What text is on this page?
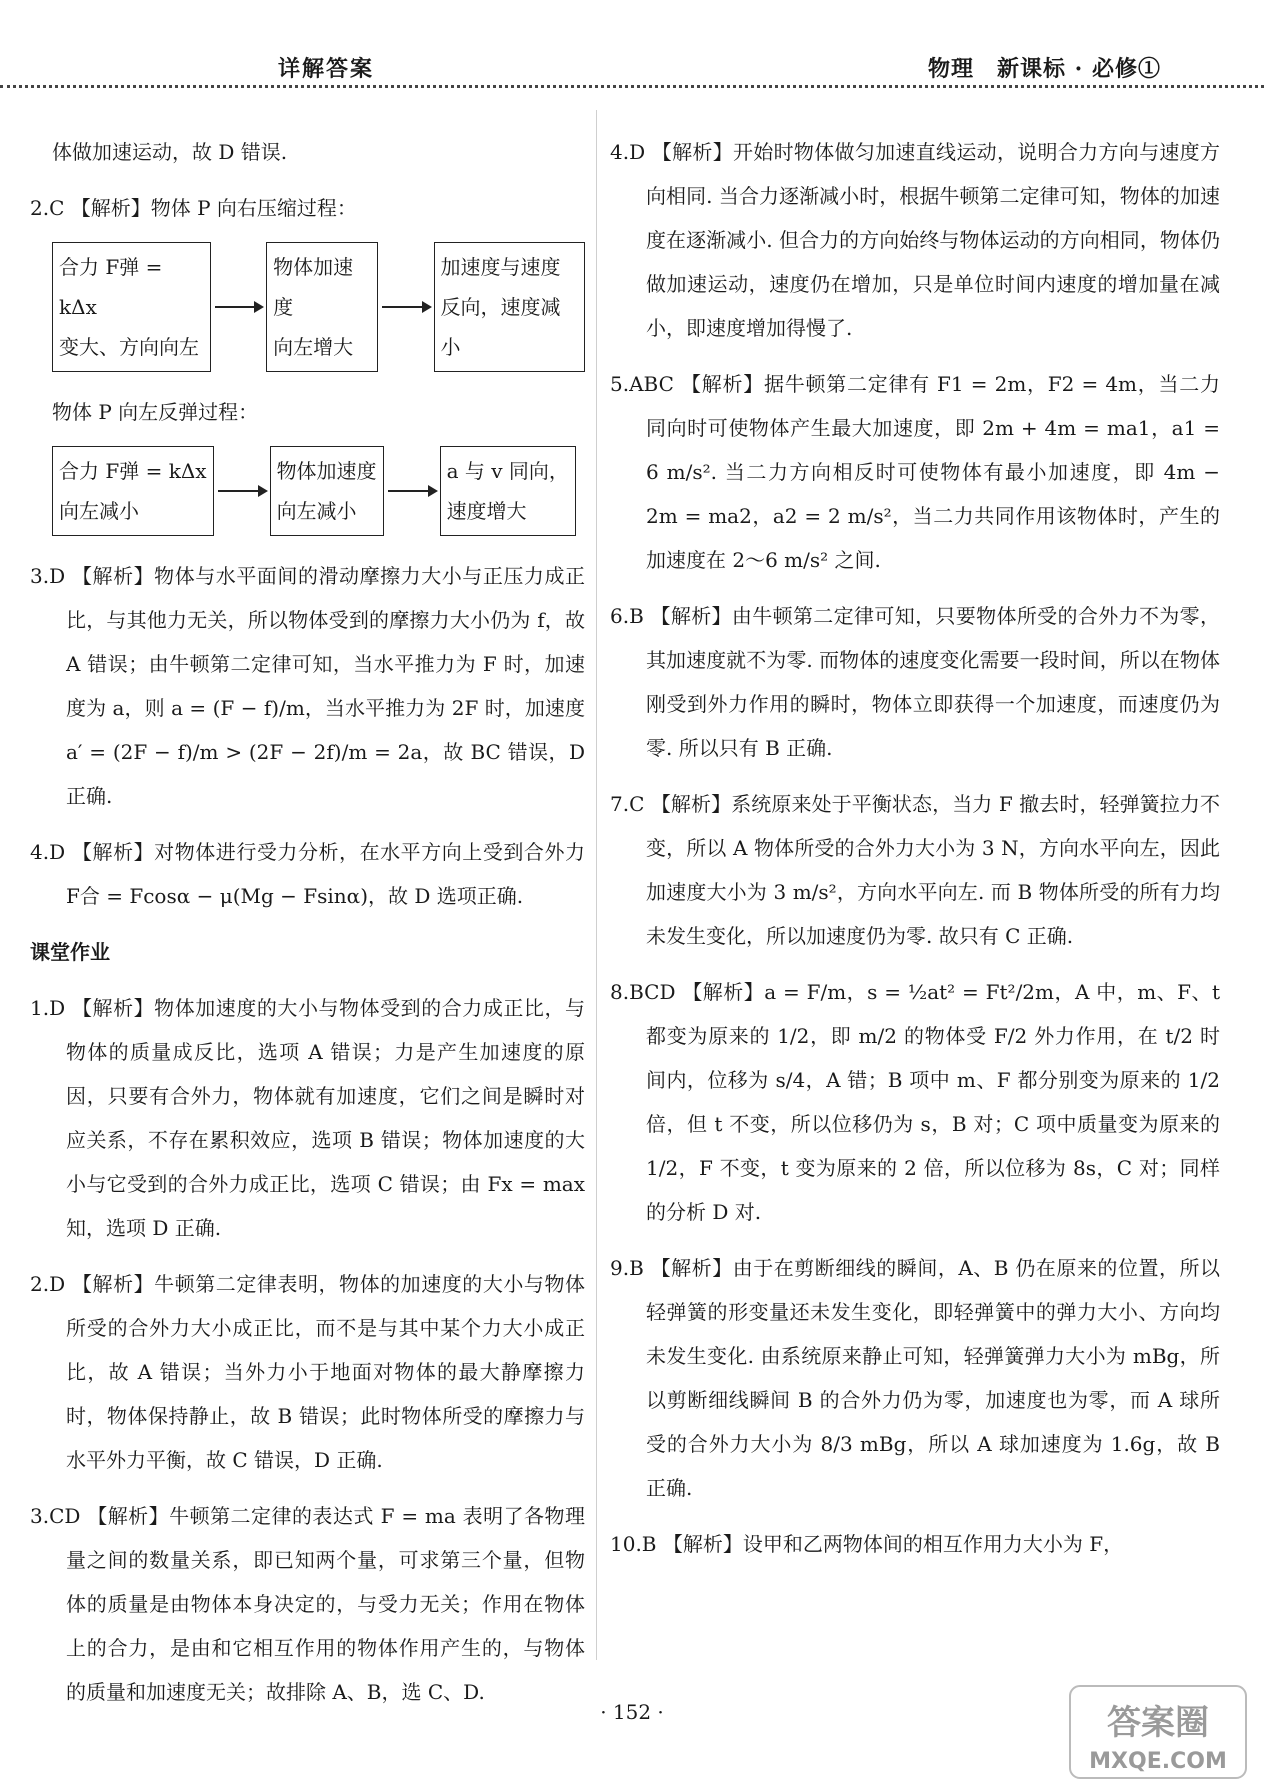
详解答案	物理　新课标 · 必修①

体做加速运动，故 D 错误.

2.C 【解析】物体 P 向右压缩过程：

合力 F弹 = kΔx
变大、方向向左
物体加速度
向左增大
加速度与速度
反向，速度减小

物体 P 向左反弹过程：

合力 F弹 = kΔx
向左减小
物体加速度
向左减小
a 与 v 同向，
速度增大

3.D 【解析】物体与水平面间的滑动摩擦力大小与正压力成正比，与其他力无关，所以物体受到的摩擦力大小仍为 f，故 A 错误；由牛顿第二定律可知，当水平推力为 F 时，加速度为 a，则 a = (F − f)/m，当水平推力为 2F 时，加速度 a′ = (2F − f)/m > (2F − 2f)/m = 2a，故 BC 错误，D 正确.

4.D 【解析】对物体进行受力分析，在水平方向上受到合外力 F合 = Fcosα − μ(Mg − Fsinα)，故 D 选项正确.

课堂作业

1.D 【解析】物体加速度的大小与物体受到的合力成正比，与物体的质量成反比，选项 A 错误；力是产生加速度的原因，只要有合外力，物体就有加速度，它们之间是瞬时对应关系，不存在累积效应，选项 B 错误；物体加速度的大小与它受到的合外力成正比，选项 C 错误；由 Fx = max 知，选项 D 正确.

2.D 【解析】牛顿第二定律表明，物体的加速度的大小与物体所受的合外力大小成正比，而不是与其中某个力大小成正比，故 A 错误；当外力小于地面对物体的最大静摩擦力时，物体保持静止，故 B 错误；此时物体所受的摩擦力与水平外力平衡，故 C 错误，D 正确.

3.CD 【解析】牛顿第二定律的表达式 F = ma 表明了各物理量之间的数量关系，即已知两个量，可求第三个量，但物体的质量是由物体本身决定的，与受力无关；作用在物体上的合力，是由和它相互作用的物体作用产生的，与物体的质量和加速度无关；故排除 A、B，选 C、D.

4.D 【解析】开始时物体做匀加速直线运动，说明合力方向与速度方向相同. 当合力逐渐减小时，根据牛顿第二定律可知，物体的加速度在逐渐减小. 但合力的方向始终与物体运动的方向相同，物体仍做加速运动，速度仍在增加，只是单位时间内速度的增加量在减小，即速度增加得慢了.

5.ABC 【解析】据牛顿第二定律有 F1 = 2m，F2 = 4m，当二力同向时可使物体产生最大加速度，即 2m + 4m = ma1，a1 = 6 m/s². 当二力方向相反时可使物体有最小加速度，即 4m − 2m = ma2，a2 = 2 m/s²，当二力共同作用该物体时，产生的加速度在 2～6 m/s² 之间.

6.B 【解析】由牛顿第二定律可知，只要物体所受的合外力不为零，其加速度就不为零. 而物体的速度变化需要一段时间，所以在物体刚受到外力作用的瞬时，物体立即获得一个加速度，而速度仍为零. 所以只有 B 正确.

7.C 【解析】系统原来处于平衡状态，当力 F 撤去时，轻弹簧拉力不变，所以 A 物体所受的合外力大小为 3 N，方向水平向左，因此加速度大小为 3 m/s²，方向水平向左. 而 B 物体所受的所有力均未发生变化，所以加速度仍为零. 故只有 C 正确.

8.BCD 【解析】a = F/m，s = ½at² = Ft²/2m，A 中，m、F、t 都变为原来的 1/2，即 m/2 的物体受 F/2 外力作用，在 t/2 时间内，位移为 s/4，A 错；B 项中 m、F 都分别变为原来的 1/2 倍，但 t 不变，所以位移仍为 s，B 对；C 项中质量变为原来的 1/2，F 不变，t 变为原来的 2 倍，所以位移为 8s，C 对；同样的分析 D 对.

9.B 【解析】由于在剪断细线的瞬间，A、B 仍在原来的位置，所以轻弹簧的形变量还未发生变化，即轻弹簧中的弹力大小、方向均未发生变化. 由系统原来静止可知，轻弹簧弹力大小为 mBg，所以剪断细线瞬间 B 的合外力仍为零，加速度也为零，而 A 球所受的合外力大小为 8/3 mBg，所以 A 球加速度为 1.6g，故 B 正确.

10.B 【解析】设甲和乙两物体间的相互作用力大小为 F，

· 152 ·	答案圈
MXQE.COM
